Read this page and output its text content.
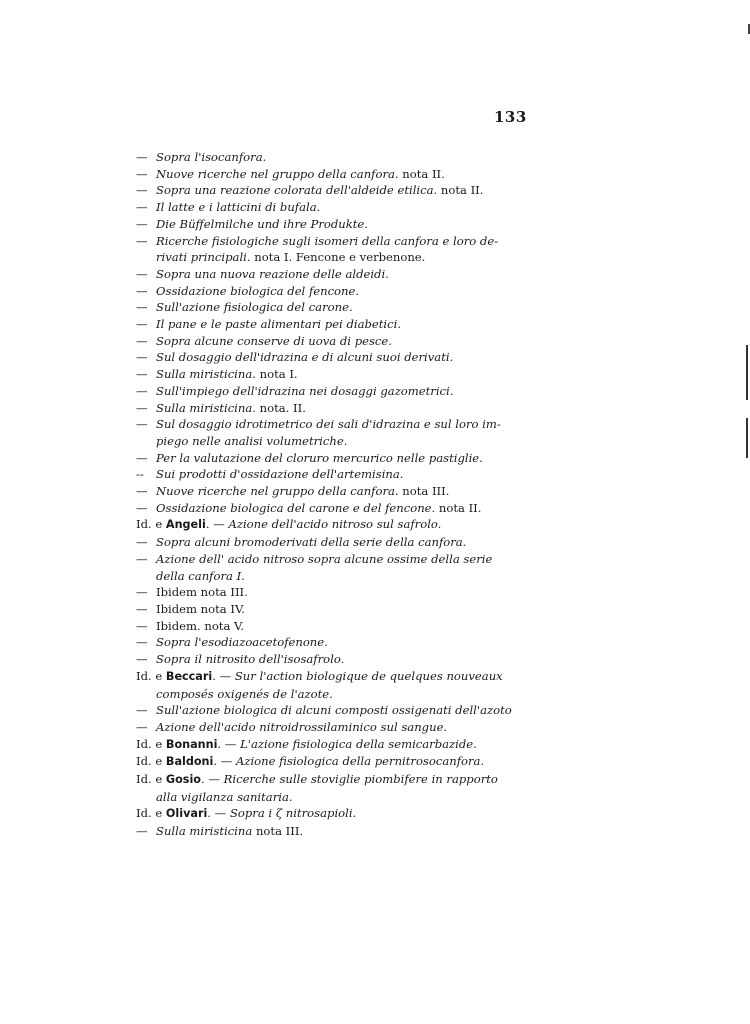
133
— Sopra l'isocanfora.
— Nuove ricerche nel gruppo della canfora. nota II.
— Sopra una reazione colorata dell'aldeide etilica. nota II.
— Il latte e i latticini di bufala.
— Die Büffelmilche und ihre Produkte.
— Ricerche fisiologiche sugli isomeri della canfora e loro de-
rivati principali. nota I. Fencone e verbenone.
— Sopra una nuova reazione delle aldeidi.
— Ossidazione biologica del fencone.
— Sull'azione fisiologica del carone.
— Il pane e le paste alimentari pei diabetici.
— Sopra alcune conserve di uova di pesce.
— Sul dosaggio dell'idrazina e di alcuni suoi derivati.
— Sulla miristicina. nota I.
— Sull'impiego dell'idrazina nei dosaggi gazometrici.
— Sulla miristicina. nota. II.
— Sul dosaggio idrotimetrico dei sali d'idrazina e sul loro im-
piego nelle analisi volumetriche.
— Per la valutazione del cloruro mercurico nelle pastiglie.
--	Sui prodotti d'ossidazione dell'artemisina.
— Nuove ricerche nel gruppo della canfora. nota III.
— Ossidazione biologica del carone e del fencone. nota II.
Id. e Angeli. — Azione dell'acido nitroso sul safrolo.
— Sopra alcuni bromoderivati della serie della canfora.
— Azione dell' acido nitroso sopra alcune ossime della serie
della canfora I.
— Ibidem nota III.
— Ibidem nota IV.
— Ibidem. nota V.
— Sopra l'esodiazoacetofenone.
— Sopra il nitrosito dell'isosafrolo.
Id. e Beccari. — Sur l'action biologique de quelques nouveaux
composés oxigenés de l'azote.
— Sull'azione biologica di alcuni composti ossigenati dell'azoto
— Azione dell'acido nitroidrossilaminico sul sangue.
Id. e Bonanni. — L'azione fisiologica della semicarbazide.
Id. e Baldoni. — Azione fisiologica della pernitrosocanfora.
Id. e Gosio. — Ricerche sulle stoviglie piombifere in rapporto
alla vigilanza sanitaria.
Id. e Olivari. — Sopra i ζ nitrosapioli.
— Sulla miristicina nota III.
